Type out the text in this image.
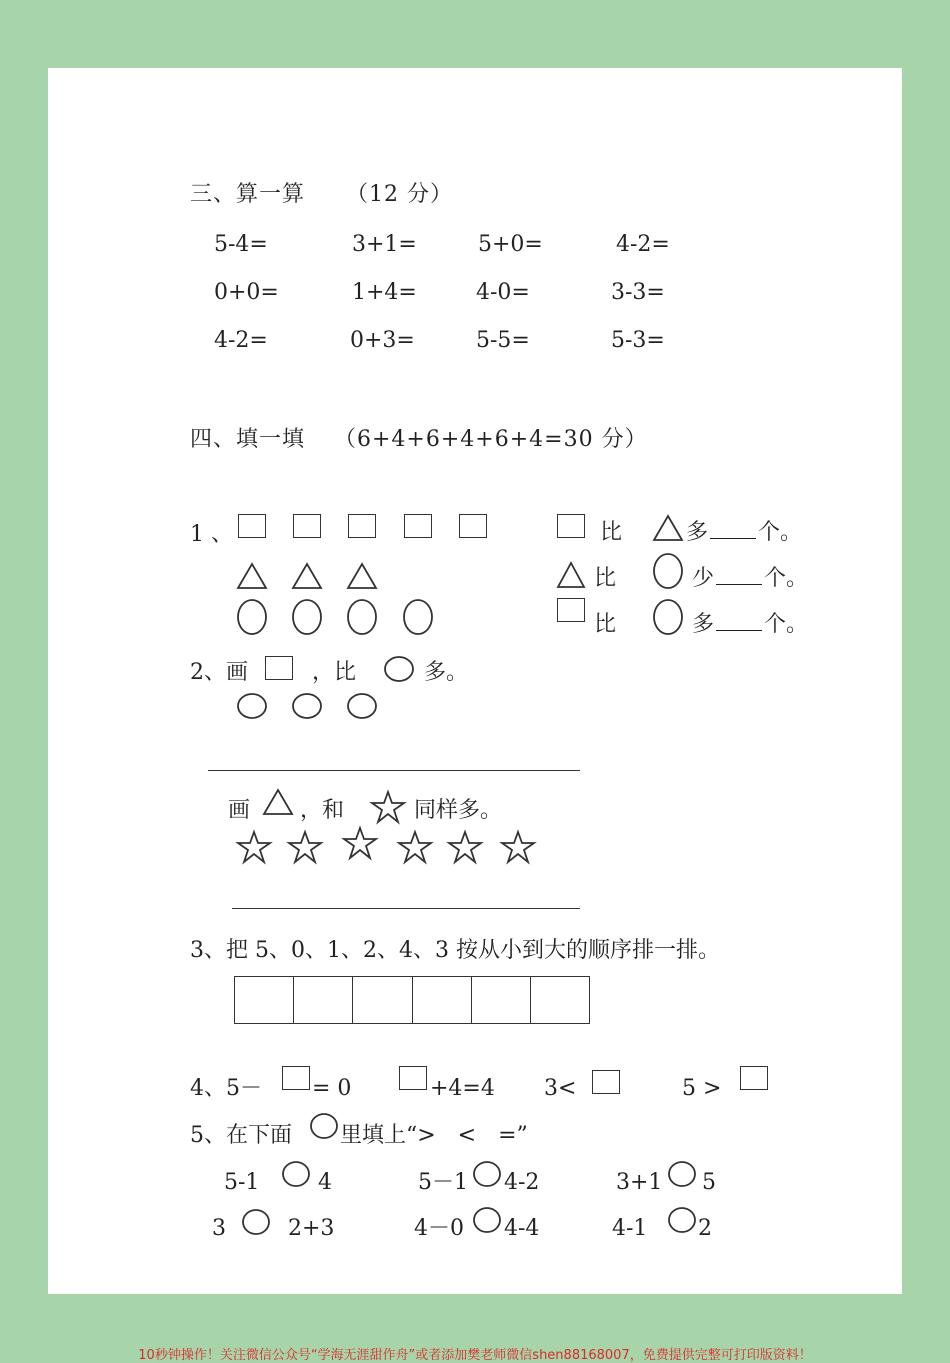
三、算一算 （12 分）
5-4=	3+1=	5+0=	4-2=
0+0=	1+4=	4-0=	3-3=
4-2=	0+3=	5-5=	5-3=
四、填一填 （6+4+6+4+6+4=30 分）
1 、	比	多 个。
比	少 个。
比	多 个。
2、画	，比	多。
画 ，和	同样多。
3、把 5、0、1、2、4、3 按从小到大的顺序排一排。
4、5－ = 0	+4=4 3<	5 >
5、在下面 里填上“>　<　=”
5-1	4	5－1 4-2	3+1 5
3	2+3	4－0 4-4	4-1 2
10秒钟操作！关注微信公众号“学海无涯甜作舟”或者添加樊老师微信shen88168007，免费提供完整可打印版资料！
